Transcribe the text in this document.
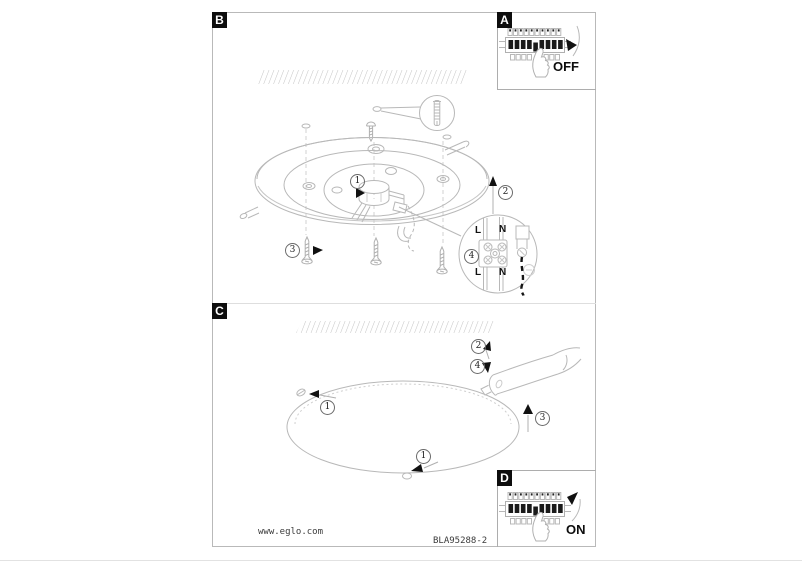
B	A
C
D
OFF
ON
1
2
3
4
2
4
1
1
3
L N
L N
www.eglo.com
BLA95288-2
